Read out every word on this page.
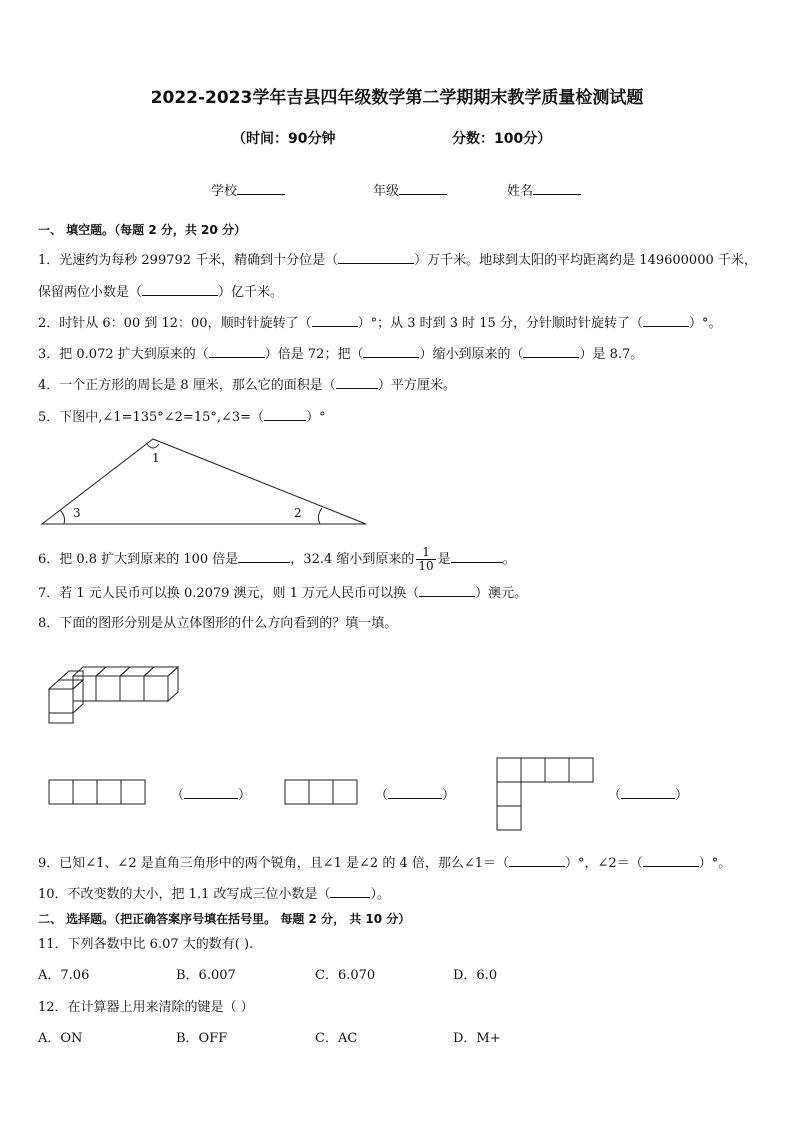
2022-2023学年吉县四年级数学第二学期期末教学质量检测试题
（时间：90分钟	分数：100分）
学校	年级	姓名
一、 填空题。（每题 2 分，共 20 分）
1．光速约为每秒 299792 千米，精确到十分位是（	）万千米。地球到太阳的平均距离约是 149600000 千米，
保留两位小数是（	）亿千米。
2．时针从 6：00 到 12：00，顺时针旋转了（	）°；从 3 时到 3 时 15 分，分针顺时针旋转了（	）°。
3．把 0.072 扩大到原来的（	）倍是 72；把（	）缩小到原来的（	）是 8.7。
4．一个正方形的周长是 8 厘米，那么它的面积是（	）平方厘米。
5．下图中,∠1=135°∠2=15°,∠3=（	）°
1
3	2
6．把 0.8 扩大到原来的 100 倍是	，32.4 缩小到原来的 $\frac{1}{10}$ 是	。
7．若 1 元人民币可以换 0.2079 澳元，则 1 万元人民币可以换（	）澳元。
8．下面的图形分别是从立体图形的什么方向看到的？填一填。
（	）	（	）	（	）
9．已知∠1、∠2 是直角三角形中的两个锐角，且∠1 是∠2 的 4 倍，那么∠1＝（	）°，∠2＝（	）°。
10．不改变数的大小，把 1.1 改写成三位小数是（	）。
二、 选择题。（把正确答案序号填在括号里。 每题 2 分， 共 10 分）
11．下列各数中比 6.07 大的数有( ).
A．7.06	B．6.007	C．6.070	D．6.0
12．在计算器上用来清除的键是（ ）
A．ON	B．OFF	C．AC	D．M+
